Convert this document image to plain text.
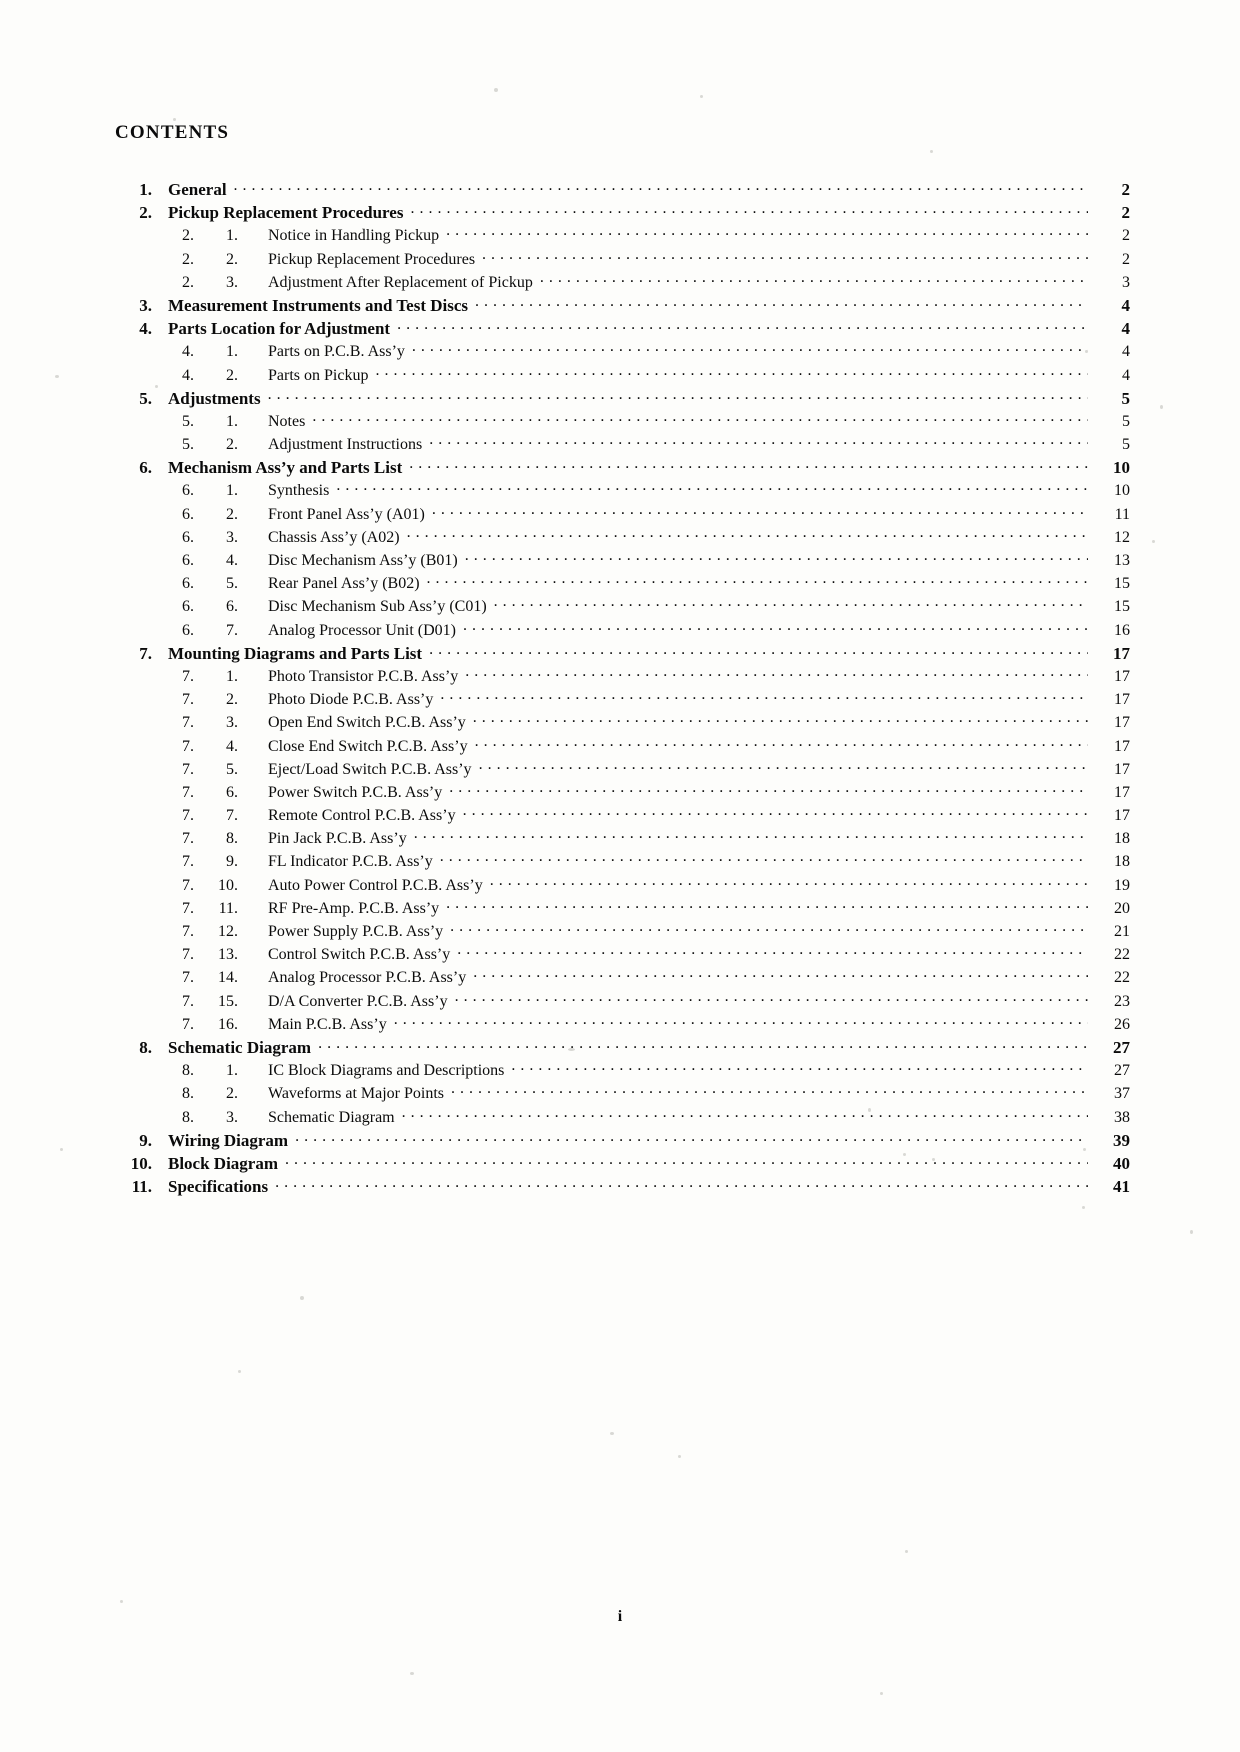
CONTENTS
1. General . . .	2
2. Pickup Replacement Procedures . . .	2
2.	1. Notice in Handling Pickup . . .	2
2.	2. Pickup Replacement Procedures . . .	2
2.	3. Adjustment After Replacement of Pickup . . .	3
3. Measurement Instruments and Test Discs . . .	4
4. Parts Location for Adjustment . . .	4
4.	1. Parts on P.C.B. Ass’y . . .	4
4.	2. Parts on Pickup . . .	4
5. Adjustments . . .	5
5.	1. Notes . . .	5
5.	2. Adjustment Instructions . . .	5
6. Mechanism Ass’y and Parts List . . .	10
6.	1. Synthesis . . .	10
6.	2. Front Panel Ass’y (A01) . . .	11
6.	3. Chassis Ass’y (A02) . . .	12
6.	4. Disc Mechanism Ass’y (B01) . . .	13
6.	5. Rear Panel Ass’y (B02) . . .	15
6.	6. Disc Mechanism Sub Ass’y (C01) . . .	15
6.	7. Analog Processor Unit (D01) . . .	16
7. Mounting Diagrams and Parts List . . .	17
7.	1. Photo Transistor P.C.B. Ass’y . . .	17
7.	2. Photo Diode P.C.B. Ass’y . . .	17
7.	3. Open End Switch P.C.B. Ass’y . . .	17
7.	4. Close End Switch P.C.B. Ass’y . . .	17
7.	5. Eject/Load Switch P.C.B. Ass’y . . .	17
7.	6. Power Switch P.C.B. Ass’y . . .	17
7.	7. Remote Control P.C.B. Ass’y . . .	17
7.	8. Pin Jack P.C.B. Ass’y . . .	18
7.	9. FL Indicator P.C.B. Ass’y . . .	18
7.	10. Auto Power Control P.C.B. Ass’y . . .	19
7.	11. RF Pre-Amp. P.C.B. Ass’y . . .	20
7.	12. Power Supply P.C.B. Ass’y . . .	21
7.	13. Control Switch P.C.B. Ass’y . . .	22
7.	14. Analog Processor P.C.B. Ass’y . . .	22
7.	15. D/A Converter P.C.B. Ass’y . . .	23
7.	16. Main P.C.B. Ass’y . . .	26
8. Schematic Diagram . . .	27
8.	1. IC Block Diagrams and Descriptions . . .	27
8.	2. Waveforms at Major Points . . .	37
8.	3. Schematic Diagram . . .	38
9. Wiring Diagram . . .	39
10. Block Diagram . . .	40
11. Specifications . . .	41
i
